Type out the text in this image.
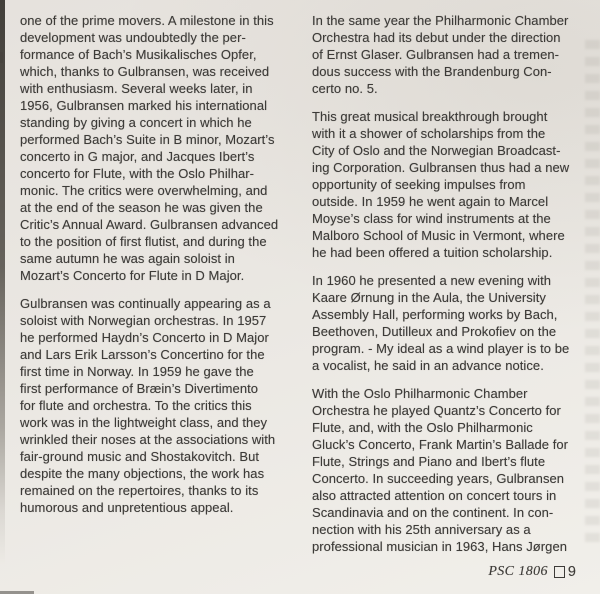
one of the prime movers. A milestone in this
development was undoubtedly the per-
formance of Bach’s Musikalisches Opfer,
which, thanks to Gulbransen, was received
with enthusiasm. Several weeks later, in
1956, Gulbransen marked his international
standing by giving a concert in which he
performed Bach’s Suite in B minor, Mozart’s
concerto in G major, and Jacques Ibert’s
concerto for Flute, with the Oslo Philhar-
monic. The critics were overwhelming, and
at the end of the season he was given the
Critic’s Annual Award. Gulbransen advanced
to the position of first flutist, and during the
same autumn he was again soloist in
Mozart’s Concerto for Flute in D Major.
Gulbransen was continually appearing as a
soloist with Norwegian orchestras. In 1957
he performed Haydn’s Concerto in D Major
and Lars Erik Larsson’s Concertino for the
first time in Norway. In 1959 he gave the
first performance of Bræin’s Divertimento
for flute and orchestra. To the critics this
work was in the lightweight class, and they
wrinkled their noses at the associations with
fair-ground music and Shostakovitch. But
despite the many objections, the work has
remained on the repertoires, thanks to its
humorous and unpretentious appeal.
In the same year the Philharmonic Chamber
Orchestra had its debut under the direction
of Ernst Glaser. Gulbransen had a tremen-
dous success with the Brandenburg Con-
certo no. 5.
This great musical breakthrough brought
with it a shower of scholarships from the
City of Oslo and the Norwegian Broadcast-
ing Corporation. Gulbransen thus had a new
opportunity of seeking impulses from
outside. In 1959 he went again to Marcel
Moyse’s class for wind instruments at the
Malboro School of Music in Vermont, where
he had been offered a tuition scholarship.
In 1960 he presented a new evening with
Kaare Ørnung in the Aula, the University
Assembly Hall, performing works by Bach,
Beethoven, Dutilleux and Prokofiev on the
program. - My ideal as a wind player is to be
a vocalist, he said in an advance notice.
With the Oslo Philharmonic Chamber
Orchestra he played Quantz’s Concerto for
Flute, and, with the Oslo Philharmonic
Gluck’s Concerto, Frank Martin’s Ballade for
Flute, Strings and Piano and Ibert’s flute
Concerto. In succeeding years, Gulbransen
also attracted attention on concert tours in
Scandinavia and on the continent. In con-
nection with his 25th anniversary as a
professional musician in 1963, Hans Jørgen
PSC 1806 9
